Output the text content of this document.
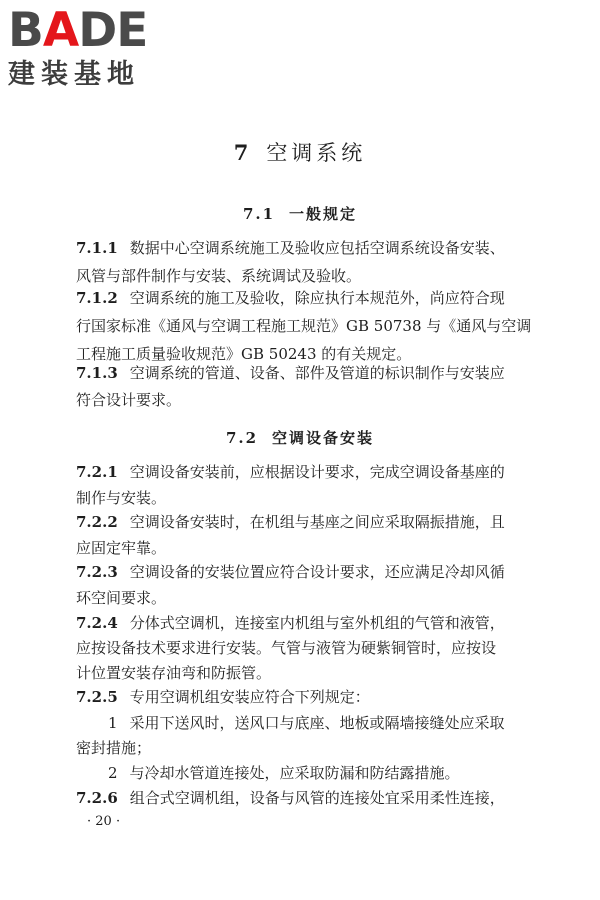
BADE
建装基地
7 空调系统
7.1 一般规定
7.1.1 数据中心空调系统施工及验收应包括空调系统设备安装、
风管与部件制作与安装、系统调试及验收。
7.1.2 空调系统的施工及验收，除应执行本规范外，尚应符合现
行国家标准《通风与空调工程施工规范》GB 50738 与《通风与空调
工程施工质量验收规范》GB 50243 的有关规定。
7.1.3 空调系统的管道、设备、部件及管道的标识制作与安装应
符合设计要求。
7.2 空调设备安装
7.2.1 空调设备安装前，应根据设计要求，完成空调设备基座的
制作与安装。
7.2.2 空调设备安装时，在机组与基座之间应采取隔振措施，且
应固定牢靠。
7.2.3 空调设备的安装位置应符合设计要求，还应满足冷却风循
环空间要求。
7.2.4 分体式空调机，连接室内机组与室外机组的气管和液管，
应按设备技术要求进行安装。气管与液管为硬紫铜管时，应按设
计位置安装存油弯和防振管。
7.2.5 专用空调机组安装应符合下列规定：
1 采用下送风时，送风口与底座、地板或隔墙接缝处应采取
密封措施；
2 与冷却水管道连接处，应采取防漏和防结露措施。
7.2.6 组合式空调机组，设备与风管的连接处宜采用柔性连接，
· 20 ·
